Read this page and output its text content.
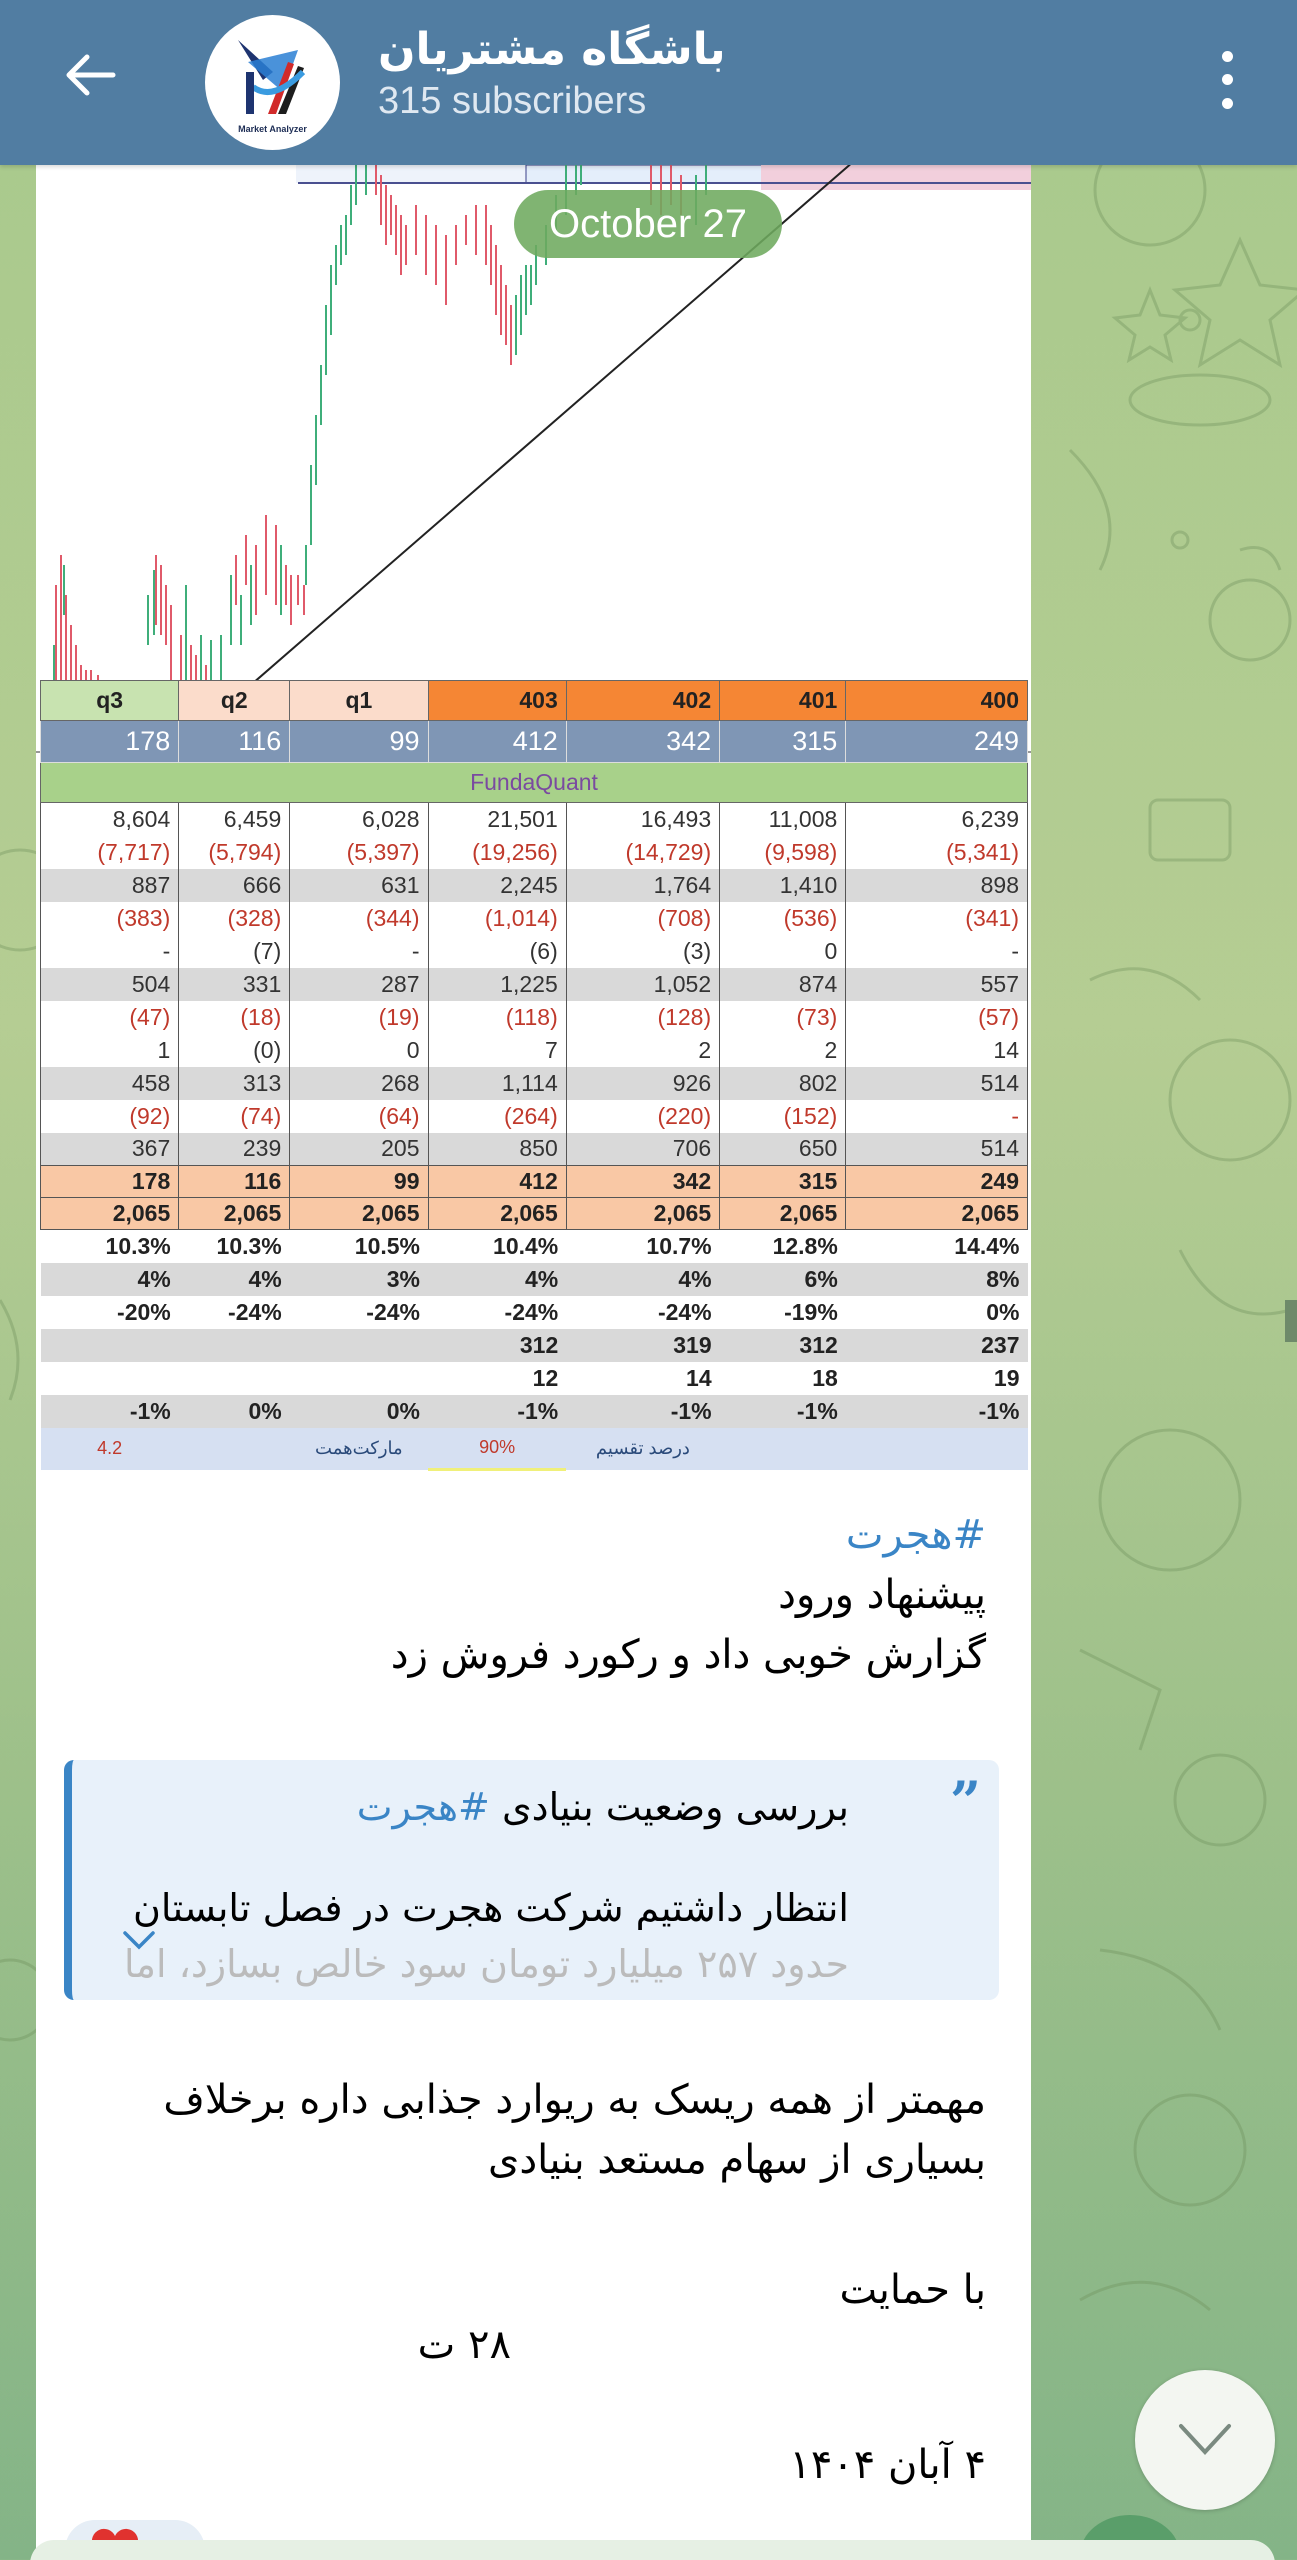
Market Analyzer
باشگاه مشتریان
315 subscribers
October 27
q3	q2	q1	403	402	401	400
178	116	99	412	342	315	249
FundaQuant						
8,604	6,459	6,028	21,501	16,493	11,008	6,239
(7,717)	(5,794)	(5,397)	(19,256)	(14,729)	(9,598)	(5,341)
887	666	631	2,245	1,764	1,410	898
(383)	(328)	(344)	(1,014)	(708)	(536)	(341)
-	(7)	-	(6)	(3)	0	-
504	331	287	1,225	1,052	874	557
(47)	(18)	(19)	(118)	(128)	(73)	(57)
1	(0)	0	7	2	2	14
458	313	268	1,114	926	802	514
(92)	(74)	(64)	(264)	(220)	(152)	-
367	239	205	850	706	650	514
178	116	99	412	342	315	249
2,065	2,065	2,065	2,065	2,065	2,065	2,065
10.3%	10.3%	10.5%	10.4%	10.7%	12.8%	14.4%
4%	4%	3%	4%	4%	6%	8%
-20%	-24%	-24%	-24%	-24%	-19%	0%
			312	319	312	237
			12	14	18	19
-1%	0%	0%	-1%	-1%	-1%	-1%
4.2		مارکت‌همت	90%	درصد تقسیم		
#هجرت
پیشنهاد ورود
گزارش خوبی داد و رکورد فروش زد
”
بررسی وضعیت بنیادی #هجرت
انتظار داشتیم شرکت هجرت در فصل تابستان
حدود ۲۵۷ میلیارد تومان سود خالص بسازد، اما
مهمتر از همه ریسک به ریوارد جذابی داره برخلاف
بسیاری از سهام مستعد بنیادی
با حمایت
۲۸ ت
۴ آبان ۱۴۰۴
